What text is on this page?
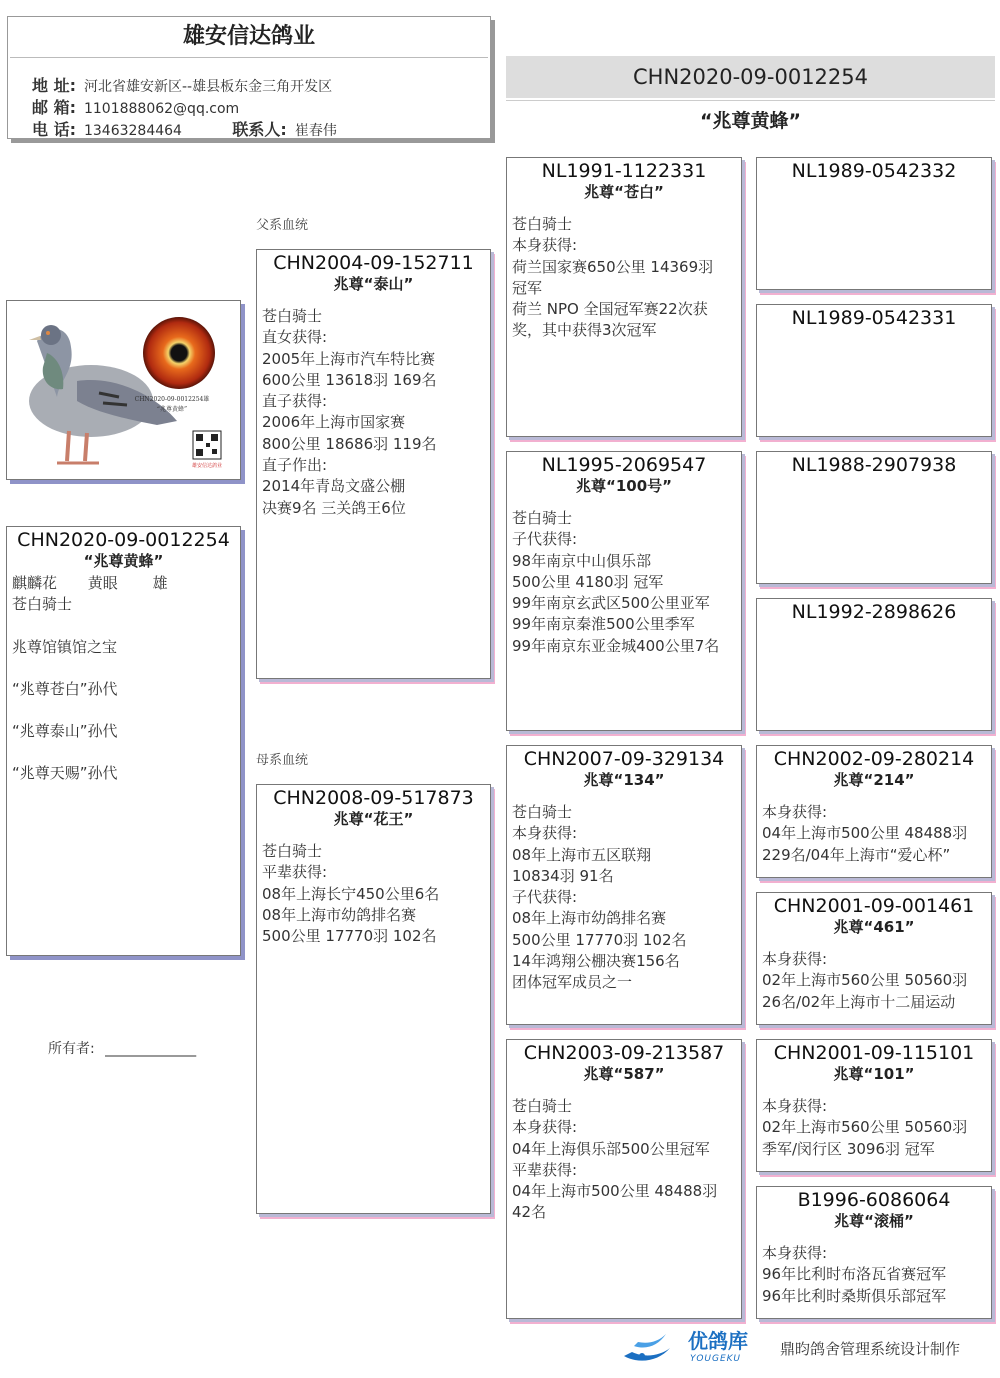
雄安信达鸽业
地 址: 河北省雄安新区--雄县板东金三角开发区
邮 箱: 1101888062@qq.com
电 话: 13463284464	联系人: 崔春伟
CHN2020-09-0012254
“兆尊黄蜂”
CHN2020-09-0012254雄
“兆尊黄蜂”
雄安信达鸽业
CHN2020-09-0012254
“兆尊黄蜂”
麒麟花 黄眼 雄
苍白骑士
兆尊馆镇馆之宝
“兆尊苍白”孙代
“兆尊泰山”孙代
“兆尊天赐”孙代
所有者: _____________
父系血统
母系血统
CHN2004-09-152711
兆尊“泰山”
苍白骑士
直女获得:
2005年上海市汽车特比赛
600公里 13618羽 169名
直子获得:
2006年上海市国家赛
800公里 18686羽 119名
直子作出:
2014年青岛文盛公棚
决赛9名 三关鸽王6位
CHN2008-09-517873
兆尊“花王”
苍白骑士
平辈获得:
08年上海长宁450公里6名
08年上海市幼鸽排名赛
500公里 17770羽 102名
NL1991-1122331
兆尊“苍白”
苍白骑士
本身获得:
荷兰国家赛650公里 14369羽
冠军
荷兰 NPO 全国冠军赛22次获
奖，其中获得3次冠军
NL1995-2069547
兆尊“100号”
苍白骑士
子代获得:
98年南京中山俱乐部
500公里 4180羽 冠军
99年南京玄武区500公里亚军
99年南京秦淮500公里季军
99年南京东亚金城400公里7名
CHN2007-09-329134
兆尊“134”
苍白骑士
本身获得:
08年上海市五区联翔
10834羽 91名
子代获得:
08年上海市幼鸽排名赛
500公里 17770羽 102名
14年鸿翔公棚决赛156名
团体冠军成员之一
CHN2003-09-213587
兆尊“587”
苍白骑士
本身获得:
04年上海俱乐部500公里冠军
平辈获得:
04年上海市500公里 48488羽
42名
NL1989-0542332
NL1989-0542331
NL1988-2907938
NL1992-2898626
CHN2002-09-280214
兆尊“214”
本身获得:
04年上海市500公里 48488羽
229名/04年上海市“爱心杯”
CHN2001-09-001461
兆尊“461”
本身获得:
02年上海市560公里 50560羽
26名/02年上海市十二届运动
CHN2001-09-115101
兆尊“101”
本身获得:
02年上海市560公里 50560羽
季军/闵行区 3096羽 冠军
B1996-6086064
兆尊“滚桶”
本身获得:
96年比利时布洛瓦省赛冠军
96年比利时桑斯俱乐部冠军
优鸽库
YOUGEKU
鼎昀鸽舍管理系统设计制作
